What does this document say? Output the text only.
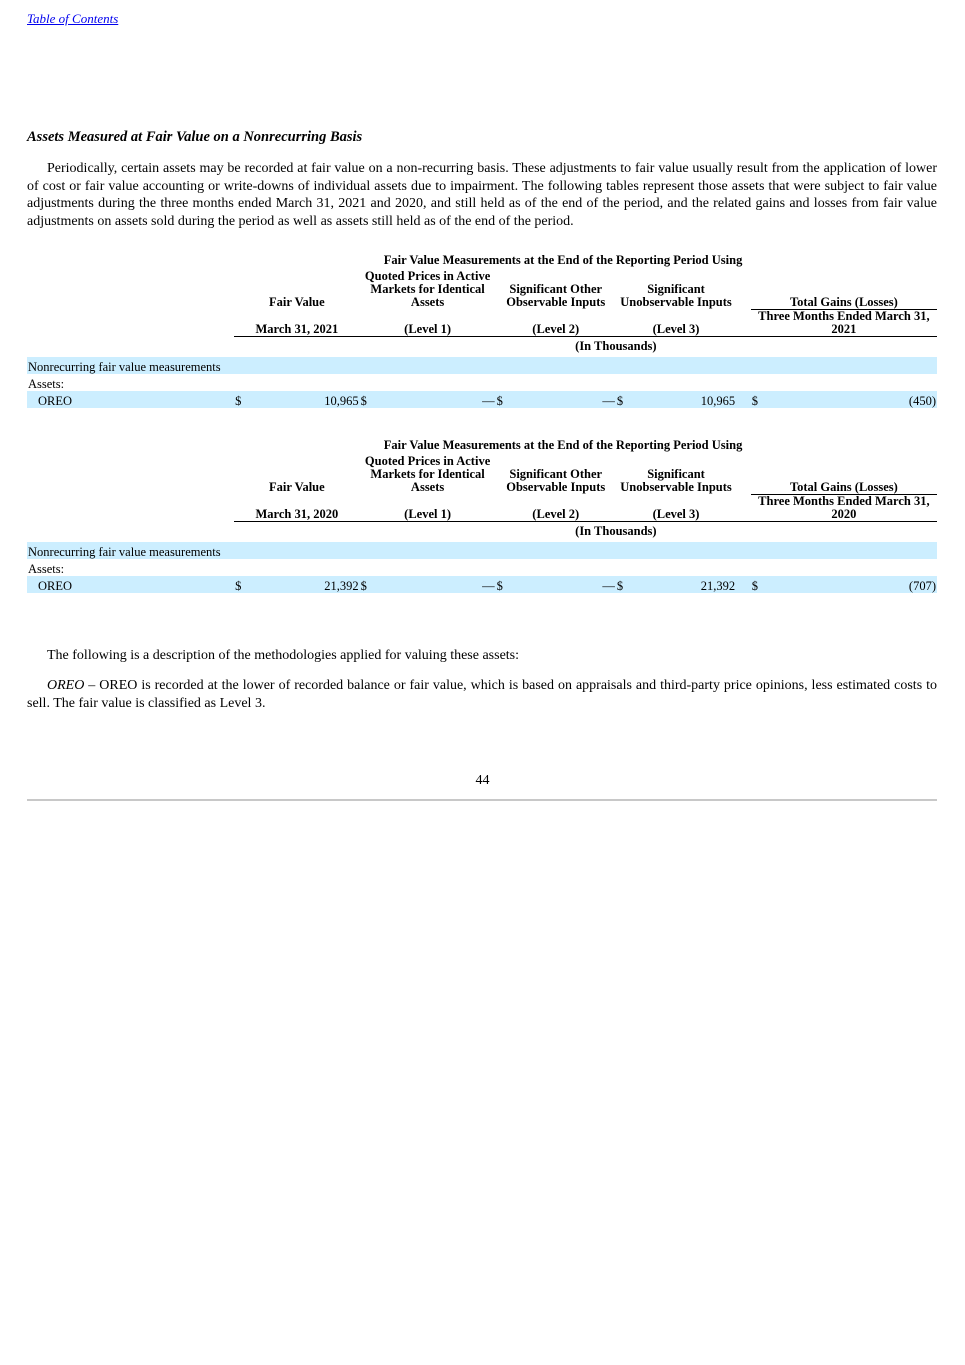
Table of Contents
Assets Measured at Fair Value on a Nonrecurring Basis

Periodically, certain assets may be recorded at fair value on a non-recurring basis. These adjustments to fair value usually result from the application of lower of cost or fair value accounting or write-downs of individual assets due to impairment. The following tables represent those assets that were subject to fair value adjustments during the three months ended March 31, 2021 and 2020, and still held as of the end of the period, and the related gains and losses from fair value adjustments on assets sold during the period as well as assets still held as of the end of the period.

				Fair Value Measurements at the End of the Reporting Period Using							
	Fair Value		Quoted Prices in Active Markets for Identical Assets		Significant Other Observable Inputs		Significant Unobservable Inputs			Total Gains (Losses)	
	March 31, 2021		(Level 1)		(Level 2)		(Level 3)			Three Months Ended March 31, 2021	
					(In Thousands)						
Nonrecurring fair value measurements											
Assets:											
OREO	$	10,965	$	—	$	—	$	10,965		$	(450)
				Fair Value Measurements at the End of the Reporting Period Using							
	Fair Value		Quoted Prices in Active Markets for Identical Assets		Significant Other Observable Inputs		Significant Unobservable Inputs			Total Gains (Losses)	
	March 31, 2020		(Level 1)		(Level 2)		(Level 3)			Three Months Ended March 31, 2020	
					(In Thousands)						
Nonrecurring fair value measurements											
Assets:											
OREO	$	21,392	$	—	$	—	$	21,392		$	(707)

The following is a description of the methodologies applied for valuing these assets:

OREO – OREO is recorded at the lower of recorded balance or fair value, which is based on appraisals and third-party price opinions, less estimated costs to sell. The fair value is classified as Level 3.

44
